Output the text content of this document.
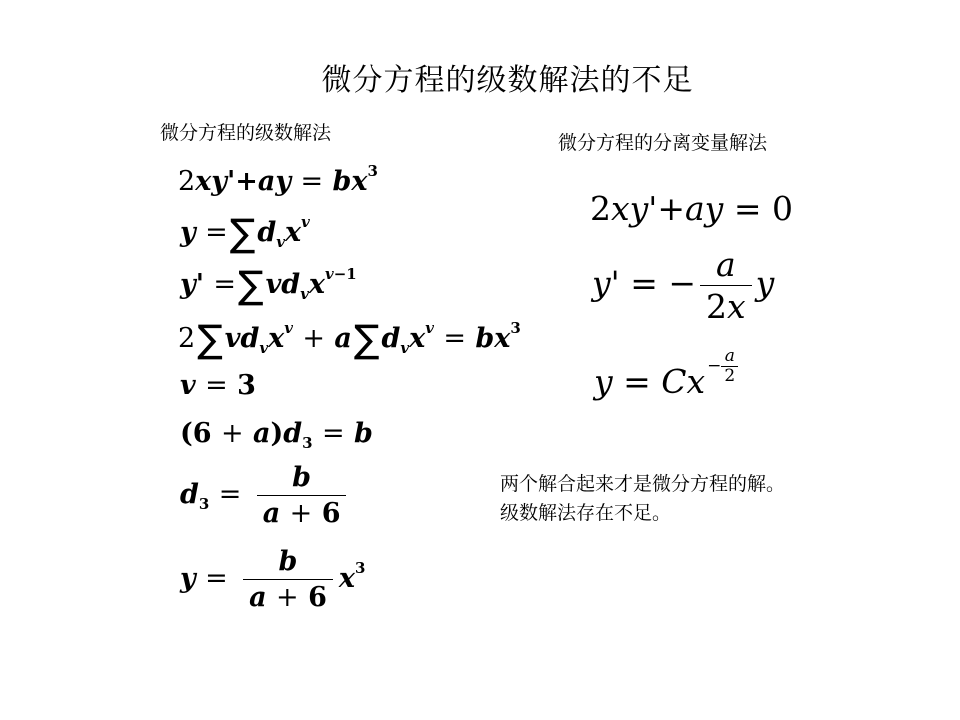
微分方程的级数解法的不足
微分方程的级数解法	微分方程的分离变量解法
$2xy'+ay = bx^3$
$y =\sum d_vx^v$
$y' =\sum vd_vx^{v-1}$
$2\sum vd_vx^v + a\sum d_vx^v = bx^3$
v = 3
$(6 + a)d_3 = b$
$d_3 = \frac{b}{a + 6}$
$y = \frac{b}{a + 6} x^3$
2xy'+ay = 0
y' = − $\frac{a}{2x}$ y
$y = Cx - \frac{a}{2}$
两个解合起来才是微分方程的解。
级数解法存在不足。
